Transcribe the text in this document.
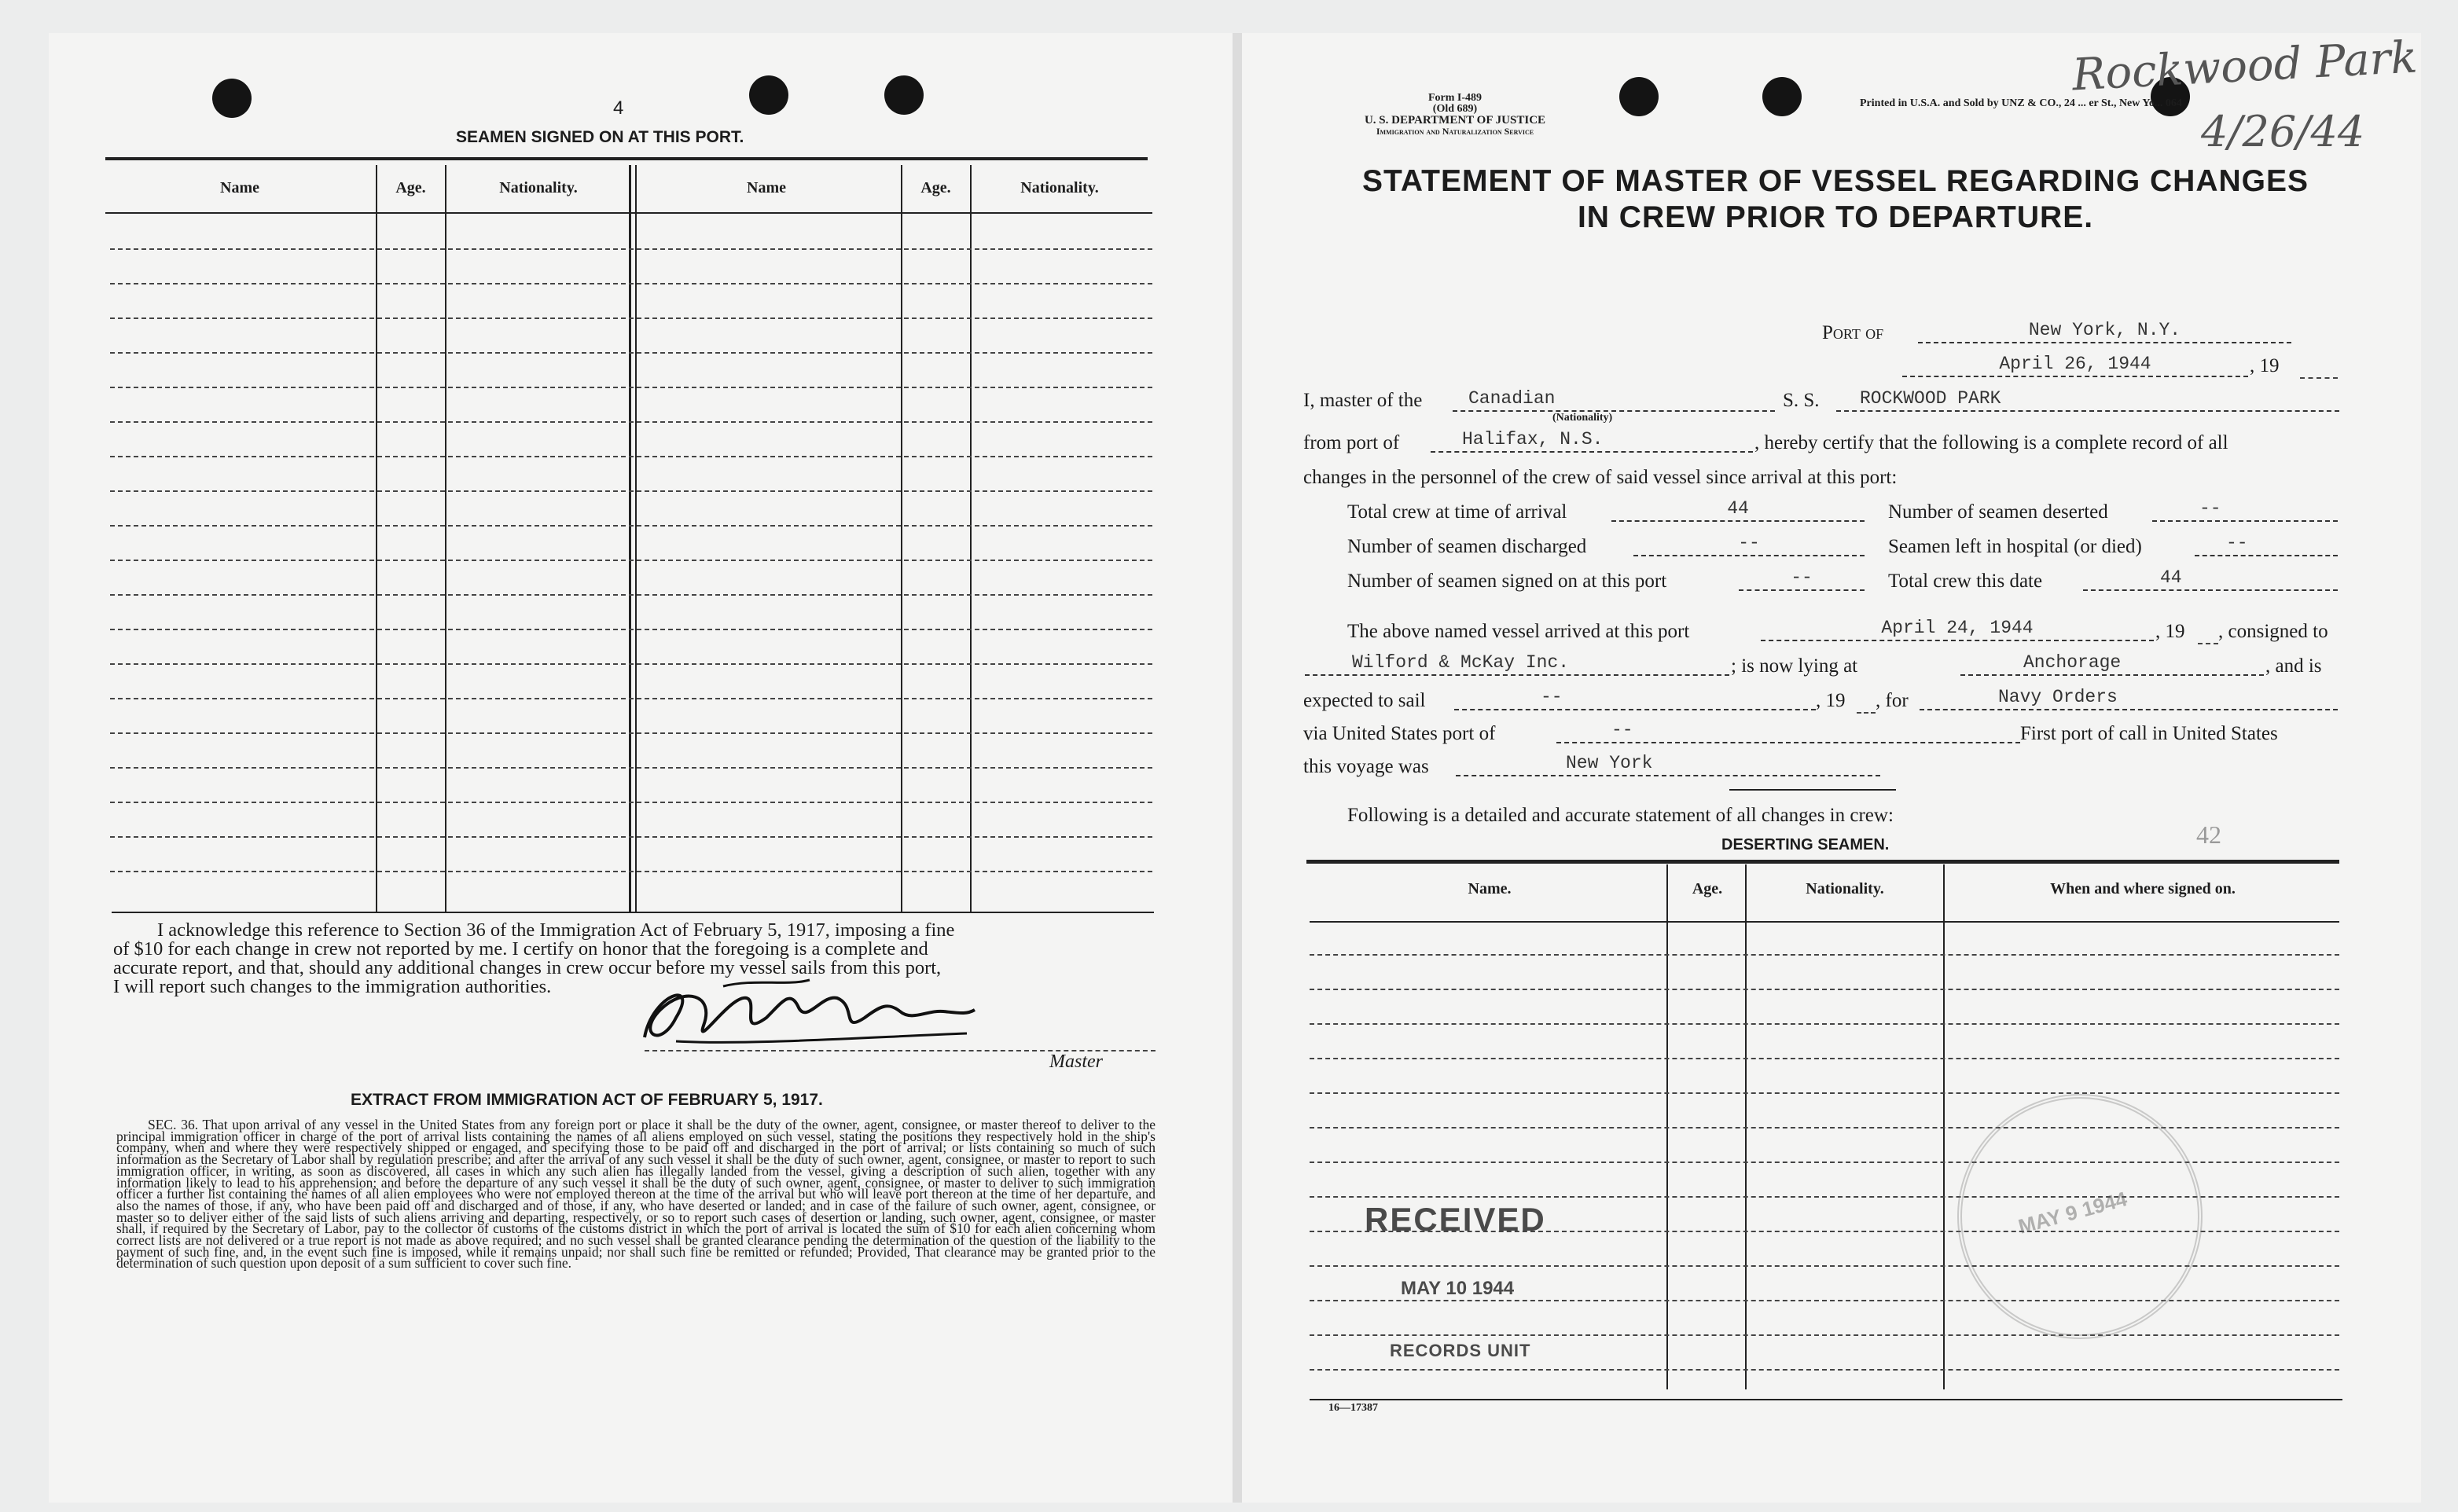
4
SEAMEN SIGNED ON AT THIS PORT.
Name	Age.	Nationality.	Name	Age.	Nationality.
I acknowledge this reference to Section 36 of the Immigration Act of February 5, 1917, imposing a fine
of $10 for each change in crew not reported by me. I certify on honor that the foregoing is a complete and
accurate report, and that, should any additional changes in crew occur before my vessel sails from this port,
I will report such changes to the immigration authorities.
Master
EXTRACT FROM IMMIGRATION ACT OF FEBRUARY 5, 1917.
SEC. 36. That upon arrival of any vessel in the United States from any foreign port or place it shall be the duty of the owner, agent, consignee, or master thereof to deliver to the principal immigration officer in charge of the port of arrival lists containing the names of all aliens employed on such vessel, stating the positions they respectively hold in the ship's company, when and where they were respectively shipped or engaged, and specifying those to be paid off and discharged in the port of arrival; or lists containing so much of such information as the Secretary of Labor shall by regulation prescribe; and after the arrival of any such vessel it shall be the duty of such owner, agent, consignee, or master to report to such immigration officer, in writing, as soon as discovered, all cases in which any such alien has illegally landed from the vessel, giving a description of such alien, together with any information likely to lead to his apprehension; and before the departure of any such vessel it shall be the duty of such owner, agent, consignee, or master to deliver to such immigration officer a further list containing the names of all alien employees who were not employed thereon at the time of the arrival but who will leave port thereon at the time of her departure, and also the names of those, if any, who have been paid off and discharged and of those, if any, who have deserted or landed; and in case of the failure of such owner, agent, consignee, or master so to deliver either of the said lists of such aliens arriving and departing, respectively, or so to report such cases of desertion or landing, such owner, agent, consignee, or master shall, if required by the Secretary of Labor, pay to the collector of customs of the customs district in which the port of arrival is located the sum of $10 for each alien concerning whom correct lists are not delivered or a true report is not made as above required; and no such vessel shall be granted clearance pending the determination of the question of the liability to the payment of such fine, and, in the event such fine is imposed, while it remains unpaid; nor shall such fine be remitted or refunded; Provided, That clearance may be granted prior to the determination of such question upon deposit of a sum sufficient to cover such fine.
Form I-489
(Old 689)
U. S. DEPARTMENT OF JUSTICE
Immigration and Naturalization Service
Printed in U.S.A. and Sold by UNZ & CO., 24 ... er St., New Yo... 064
Rockwood Park
4/26/44
STATEMENT OF MASTER OF VESSEL REGARDING CHANGES
IN CREW PRIOR TO DEPARTURE.
Port of	New York, N.Y.
April 26, 1944	, 19
I, master of the	Canadian
(Nationality)
S. S. ROCKWOOD PARK
from port of	Halifax, N.S.	, hereby certify that the following is a complete record of all
changes in the personnel of the crew of said vessel since arrival at this port:
Total crew at time of arrival	44	Number of seamen deserted	--
Number of seamen discharged	--	Seamen left in hospital (or died)	--
Number of seamen signed on at this port	--	Total crew this date	44
The above named vessel arrived at this port	April 24, 1944	, 19 , consigned to
Wilford & McKay Inc.	; is now lying at	Anchorage	, and is
expected to sail	--	, 19 , for	Navy Orders
via United States port of	--	First port of call in United States
this voyage was	New York
Following is a detailed and accurate statement of all changes in crew:
42
DESERTING SEAMEN.
Name.	Age.	Nationality.	When and where signed on.
RECEIVED
MAY 10 1944
RECORDS UNIT
MAY 9 1944
16—17387
